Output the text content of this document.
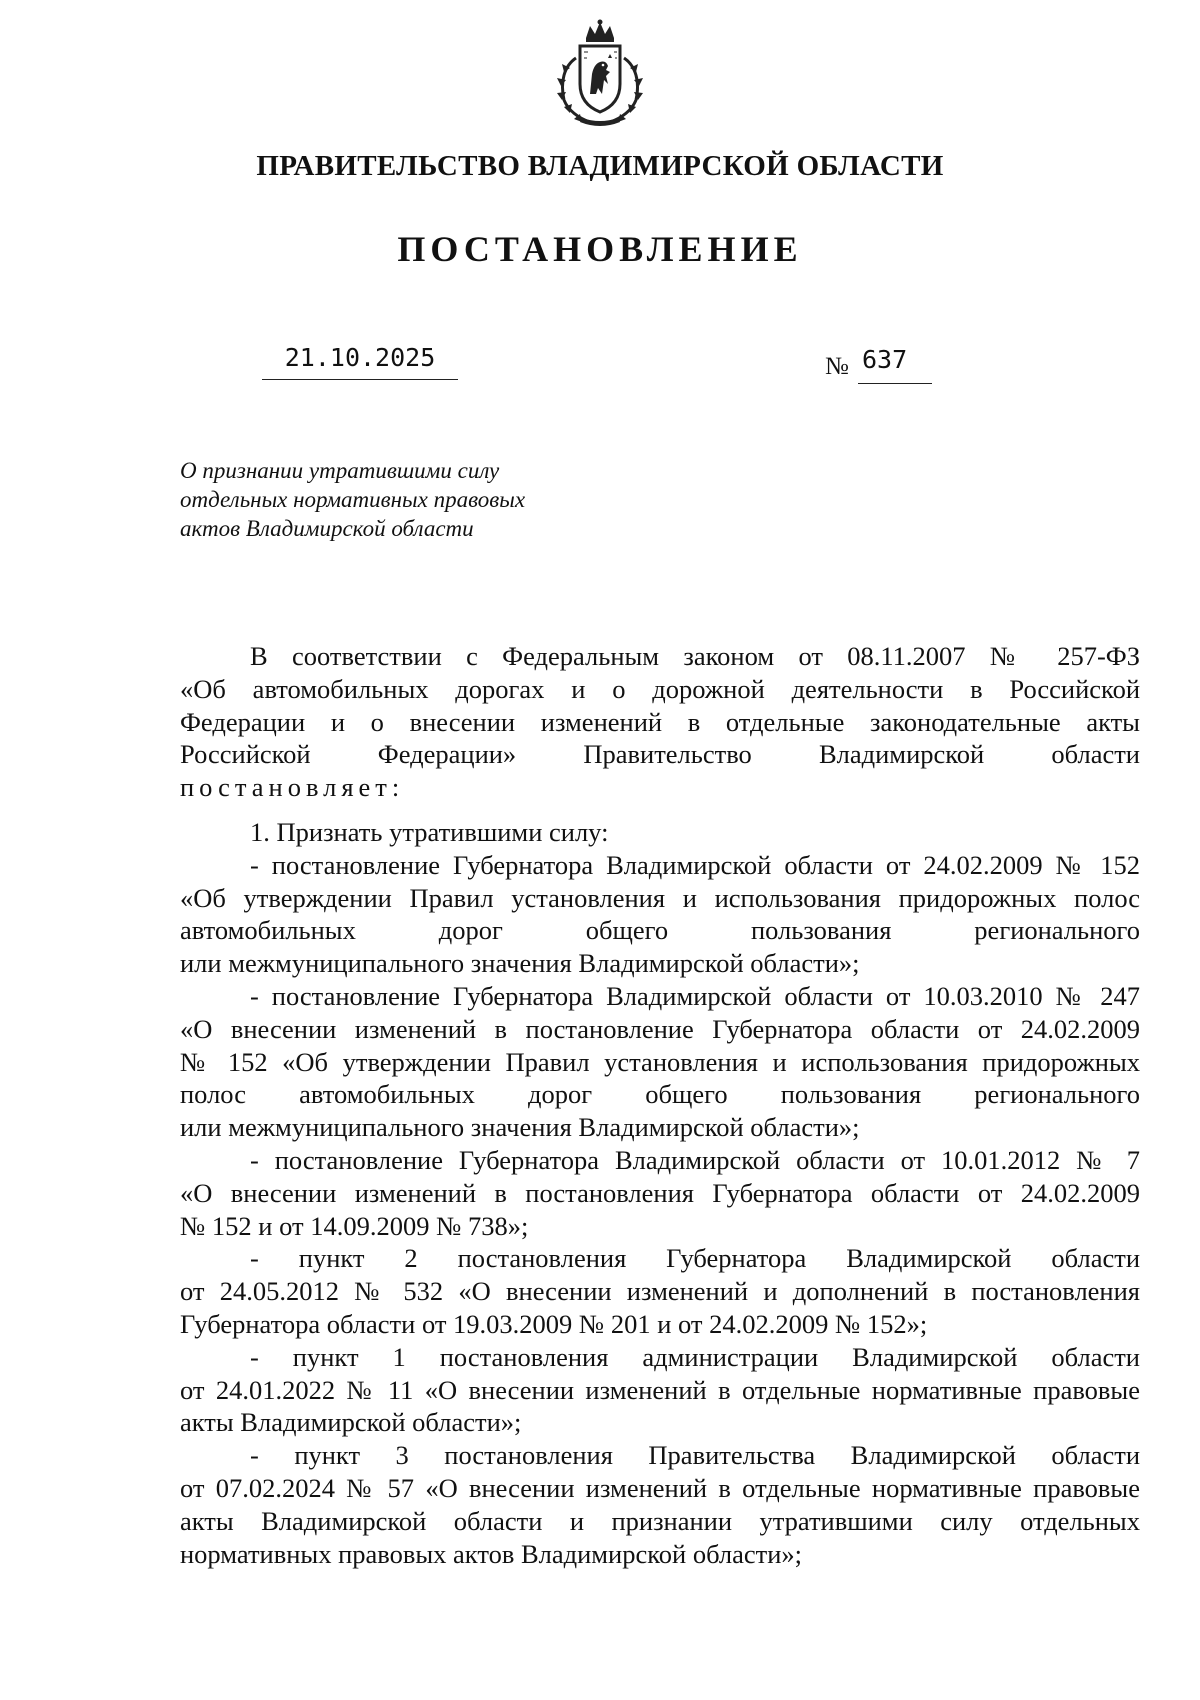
ПРАВИТЕЛЬСТВО ВЛАДИМИРСКОЙ ОБЛАСТИ
ПОСТАНОВЛЕНИЕ
21.10.2025	№ 637
О признании утратившими силу
отдельных нормативных правовых
актов Владимирской области
В соответствии с Федеральным законом от 08.11.2007 № 257-ФЗ
«Об автомобильных дорогах и о дорожной деятельности в Российской
Федерации и о внесении изменений в отдельные законодательные акты
Российской Федерации» Правительство Владимирской области
постановляет:
1. Признать утратившими силу:
- постановление Губернатора Владимирской области от 24.02.2009 № 152
«Об утверждении Правил установления и использования придорожных полос
автомобильных дорог общего пользования регионального
или межмуниципального значения Владимирской области»;
- постановление Губернатора Владимирской области от 10.03.2010 № 247
«О внесении изменений в постановление Губернатора области от 24.02.2009
№ 152 «Об утверждении Правил установления и использования придорожных
полос автомобильных дорог общего пользования регионального
или межмуниципального значения Владимирской области»;
- постановление Губернатора Владимирской области от 10.01.2012 № 7
«О внесении изменений в постановления Губернатора области от 24.02.2009
№ 152 и от 14.09.2009 № 738»;
- пункт 2 постановления Губернатора Владимирской области
от 24.05.2012 № 532 «О внесении изменений и дополнений в постановления
Губернатора области от 19.03.2009 № 201 и от 24.02.2009 № 152»;
- пункт 1 постановления администрации Владимирской области
от 24.01.2022 № 11 «О внесении изменений в отдельные нормативные правовые
акты Владимирской области»;
- пункт 3 постановления Правительства Владимирской области
от 07.02.2024 № 57 «О внесении изменений в отдельные нормативные правовые
акты Владимирской области и признании утратившими силу отдельных
нормативных правовых актов Владимирской области»;
